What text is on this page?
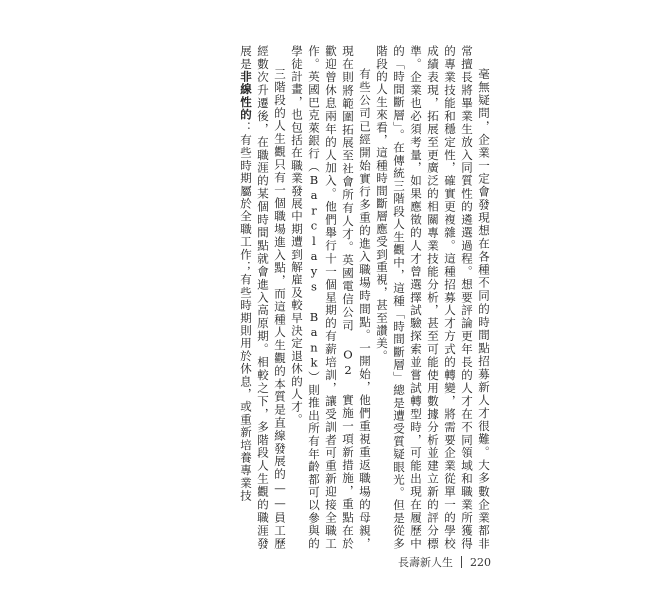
毫無疑問，企業一定會發現想在各種不同的時間點招募新人才很難。大多數企業都非常擅長將畢業生放入同質性的遴選過程。想要評論更年長的人才在不同領域和職業所獲得的專業技能和穩定性，確實更複雜。這種招募人才方式的轉變，將需要企業從單一的學校成績表現，拓展至更廣泛的相關專業技能分析，甚至可能使用數據分析並建立新的評分標準。企業也必須考量，如果應徵的人才曾選擇試驗探索並嘗試轉型時，可能出現在履歷中的「時間斷層」。在傳統三階段人生觀中，這種「時間斷層」總是遭受質疑眼光。但是從多階段的人生來看，這種時間斷層應受到重視，甚至讚美。

有些公司已經開始實行多重的進入職場時間點。一開始，他們重視重返職場的母親，現在則將範圍拓展至社會所有人才。英國電信公司 O2 實施一項新措施，重點在於歡迎曾休息兩年的人加入。他們舉行十一個星期的有薪培訓，讓受訓者可重新迎接全職工作。英國巴克萊銀行（Barclays Bank）則推出所有年齡都可以參與的學徒計畫，也包括在職業發展中期遭到解雇及較早決定退休的人才。

三階段的人生觀只有一個職場進入點，而這種人生觀的本質是直線發展的——員工歷經數次升遷後，在職涯的某個時間點就會進入高原期。相較之下，多階段人生觀的職涯發展是非線性的：有些時期屬於全職工作；有些時期則用於休息，或重新培養專業技

長壽新人生 220
